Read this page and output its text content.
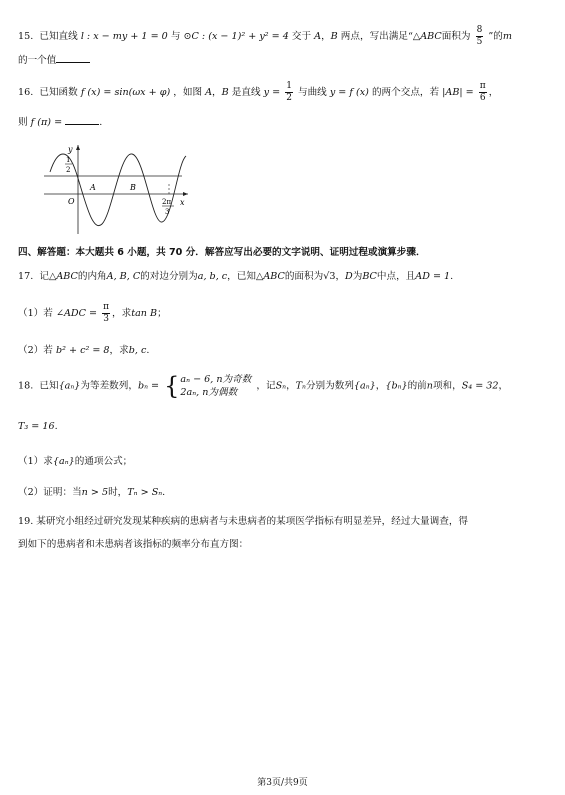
15. 已知直线 l : x − my + 1 = 0 与 ⊙C : (x − 1)² + y² = 4 交于 A，B 两点，写出满足“△ABC面积为 $\frac{8}{5}$ ”的m
的一个值
16. 已知函数 f (x) = sin(ωx + φ) ，如图 A，B 是直线 $y = \frac{1}{2}$ 与曲线 y = f (x) 的两个交点，若 $|AB| = \frac{\pi}{6}$ ，
则 f (π) =	.
y
x
O
A	B
1
2
2π
3
四、解答题：本大题共 6 小题，共 70 分．解答应写出必要的文字说明、证明过程或演算步骤．
17. 记△ABC的内角A, B, C的对边分别为a, b, c，已知△ABC的面积为√3，D为BC中点，且AD = 1.
（1）若 ∠ADC = $\frac{\pi}{3}$ ，求tan B；
（2）若 b² + c² = 8，求b, c.
18. 已知{aₙ}为等差数列，bₙ = { aₙ − 6, n为奇数
2aₙ, n为偶数
，记Sₙ，Tₙ分别为数列{aₙ}，{bₙ}的前n项和，S₄ = 32，
T₃ = 16.
（1）求{aₙ}的通项公式；
（2）证明：当n > 5时，Tₙ > Sₙ.
19. 某研究小组经过研究发现某种疾病的患病者与未患病者的某项医学指标有明显差异，经过大量调查，得
到如下的患病者和未患病者该指标的频率分布直方图：
第3页/共9页
